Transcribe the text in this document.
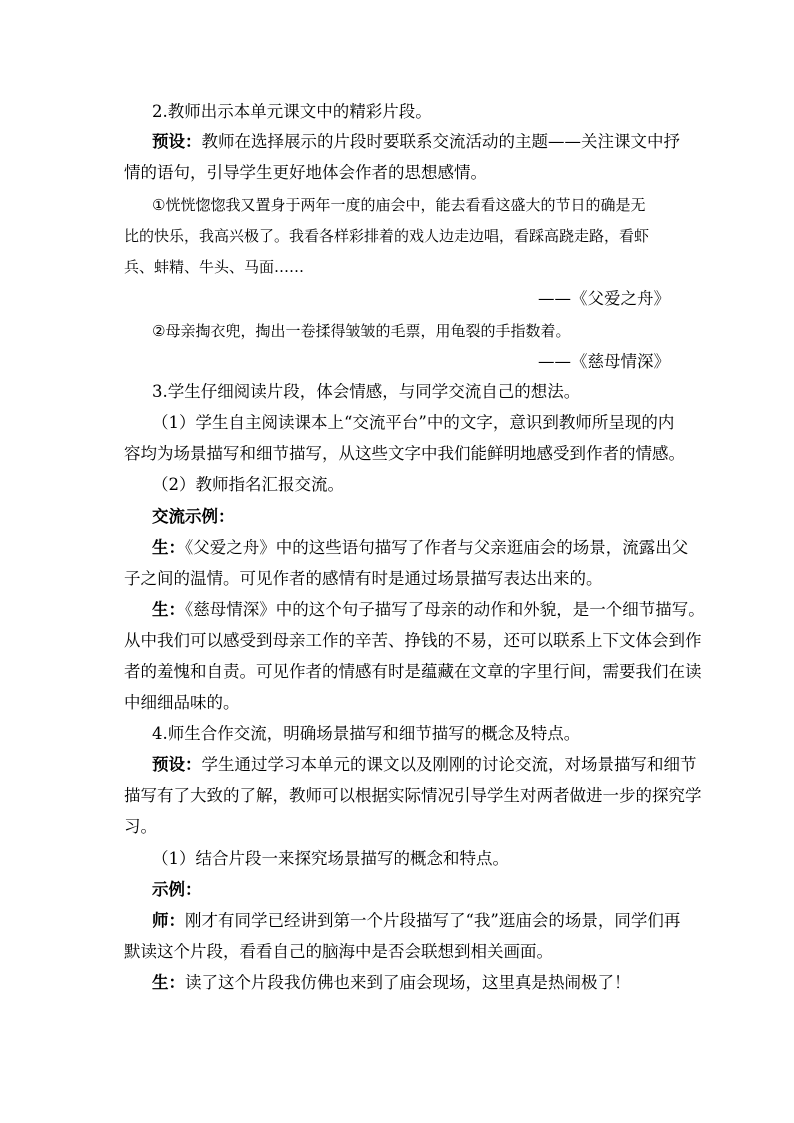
2.教师出示本单元课文中的精彩片段。
预设：教师在选择展示的片段时要联系交流活动的主题——关注课文中抒
情的语句，引导学生更好地体会作者的思想感情。
①恍恍惚惚我又置身于两年一度的庙会中，能去看看这盛大的节日的确是无
比的快乐，我高兴极了。我看各样彩排着的戏人边走边唱，看踩高跷走路，看虾
兵、蚌精、牛头、马面……
——《父爱之舟》
②母亲掏衣兜，掏出一卷揉得皱皱的毛票，用龟裂的手指数着。
——《慈母情深》
3.学生仔细阅读片段，体会情感，与同学交流自己的想法。
（1）学生自主阅读课本上“交流平台”中的文字，意识到教师所呈现的内
容均为场景描写和细节描写，从这些文字中我们能鲜明地感受到作者的情感。
（2）教师指名汇报交流。
交流示例：
生：《父爱之舟》中的这些语句描写了作者与父亲逛庙会的场景，流露出父
子之间的温情。可见作者的感情有时是通过场景描写表达出来的。
生：《慈母情深》中的这个句子描写了母亲的动作和外貌，是一个细节描写。
从中我们可以感受到母亲工作的辛苦、挣钱的不易，还可以联系上下文体会到作
者的羞愧和自责。可见作者的情感有时是蕴藏在文章的字里行间，需要我们在读
中细细品味的。
4.师生合作交流，明确场景描写和细节描写的概念及特点。
预设：学生通过学习本单元的课文以及刚刚的讨论交流，对场景描写和细节
描写有了大致的了解，教师可以根据实际情况引导学生对两者做进一步的探究学
习。
（1）结合片段一来探究场景描写的概念和特点。
示例：
师：刚才有同学已经讲到第一个片段描写了“我”逛庙会的场景，同学们再
默读这个片段，看看自己的脑海中是否会联想到相关画面。
生：读了这个片段我仿佛也来到了庙会现场，这里真是热闹极了！
